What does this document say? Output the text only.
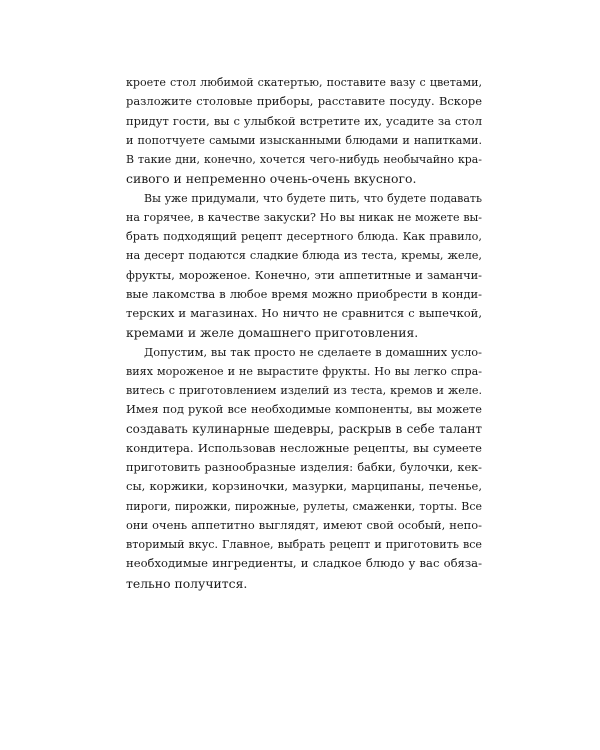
кроете стол любимой скатертью, поставите вазу с цветами,
разложите столовые приборы, расставите посуду. Вскоре
придут гости, вы с улыбкой встретите их, усадите за стол
и попотчуете самыми изысканными блюдами и напитками.
В такие дни, конечно, хочется чего-нибудь необычайно кра-
сивого и непременно очень-очень вкусного.
Вы уже придумали, что будете пить, что будете подавать
на горячее, в качестве закуски? Но вы никак не можете вы-
брать подходящий рецепт десертного блюда. Как правило,
на десерт подаются сладкие блюда из теста, кремы, желе,
фрукты, мороженое. Конечно, эти аппетитные и заманчи-
вые лакомства в любое время можно приобрести в конди-
терских и магазинах. Но ничто не сравнится с выпечкой,
кремами и желе домашнего приготовления.
Допустим, вы так просто не сделаете в домашних усло-
виях мороженое и не вырастите фрукты. Но вы легко спра-
витесь с приготовлением изделий из теста, кремов и желе.
Имея под рукой все необходимые компоненты, вы можете
создавать кулинарные шедевры, раскрыв в себе талант
кондитера. Использовав несложные рецепты, вы сумеете
приготовить разнообразные изделия: бабки, булочки, кек-
сы, коржики, корзиночки, мазурки, марципаны, печенье,
пироги, пирожки, пирожные, рулеты, смаженки, торты. Все
они очень аппетитно выглядят, имеют свой особый, непо-
вторимый вкус. Главное, выбрать рецепт и приготовить все
необходимые ингредиенты, и сладкое блюдо у вас обяза-
тельно получится.
